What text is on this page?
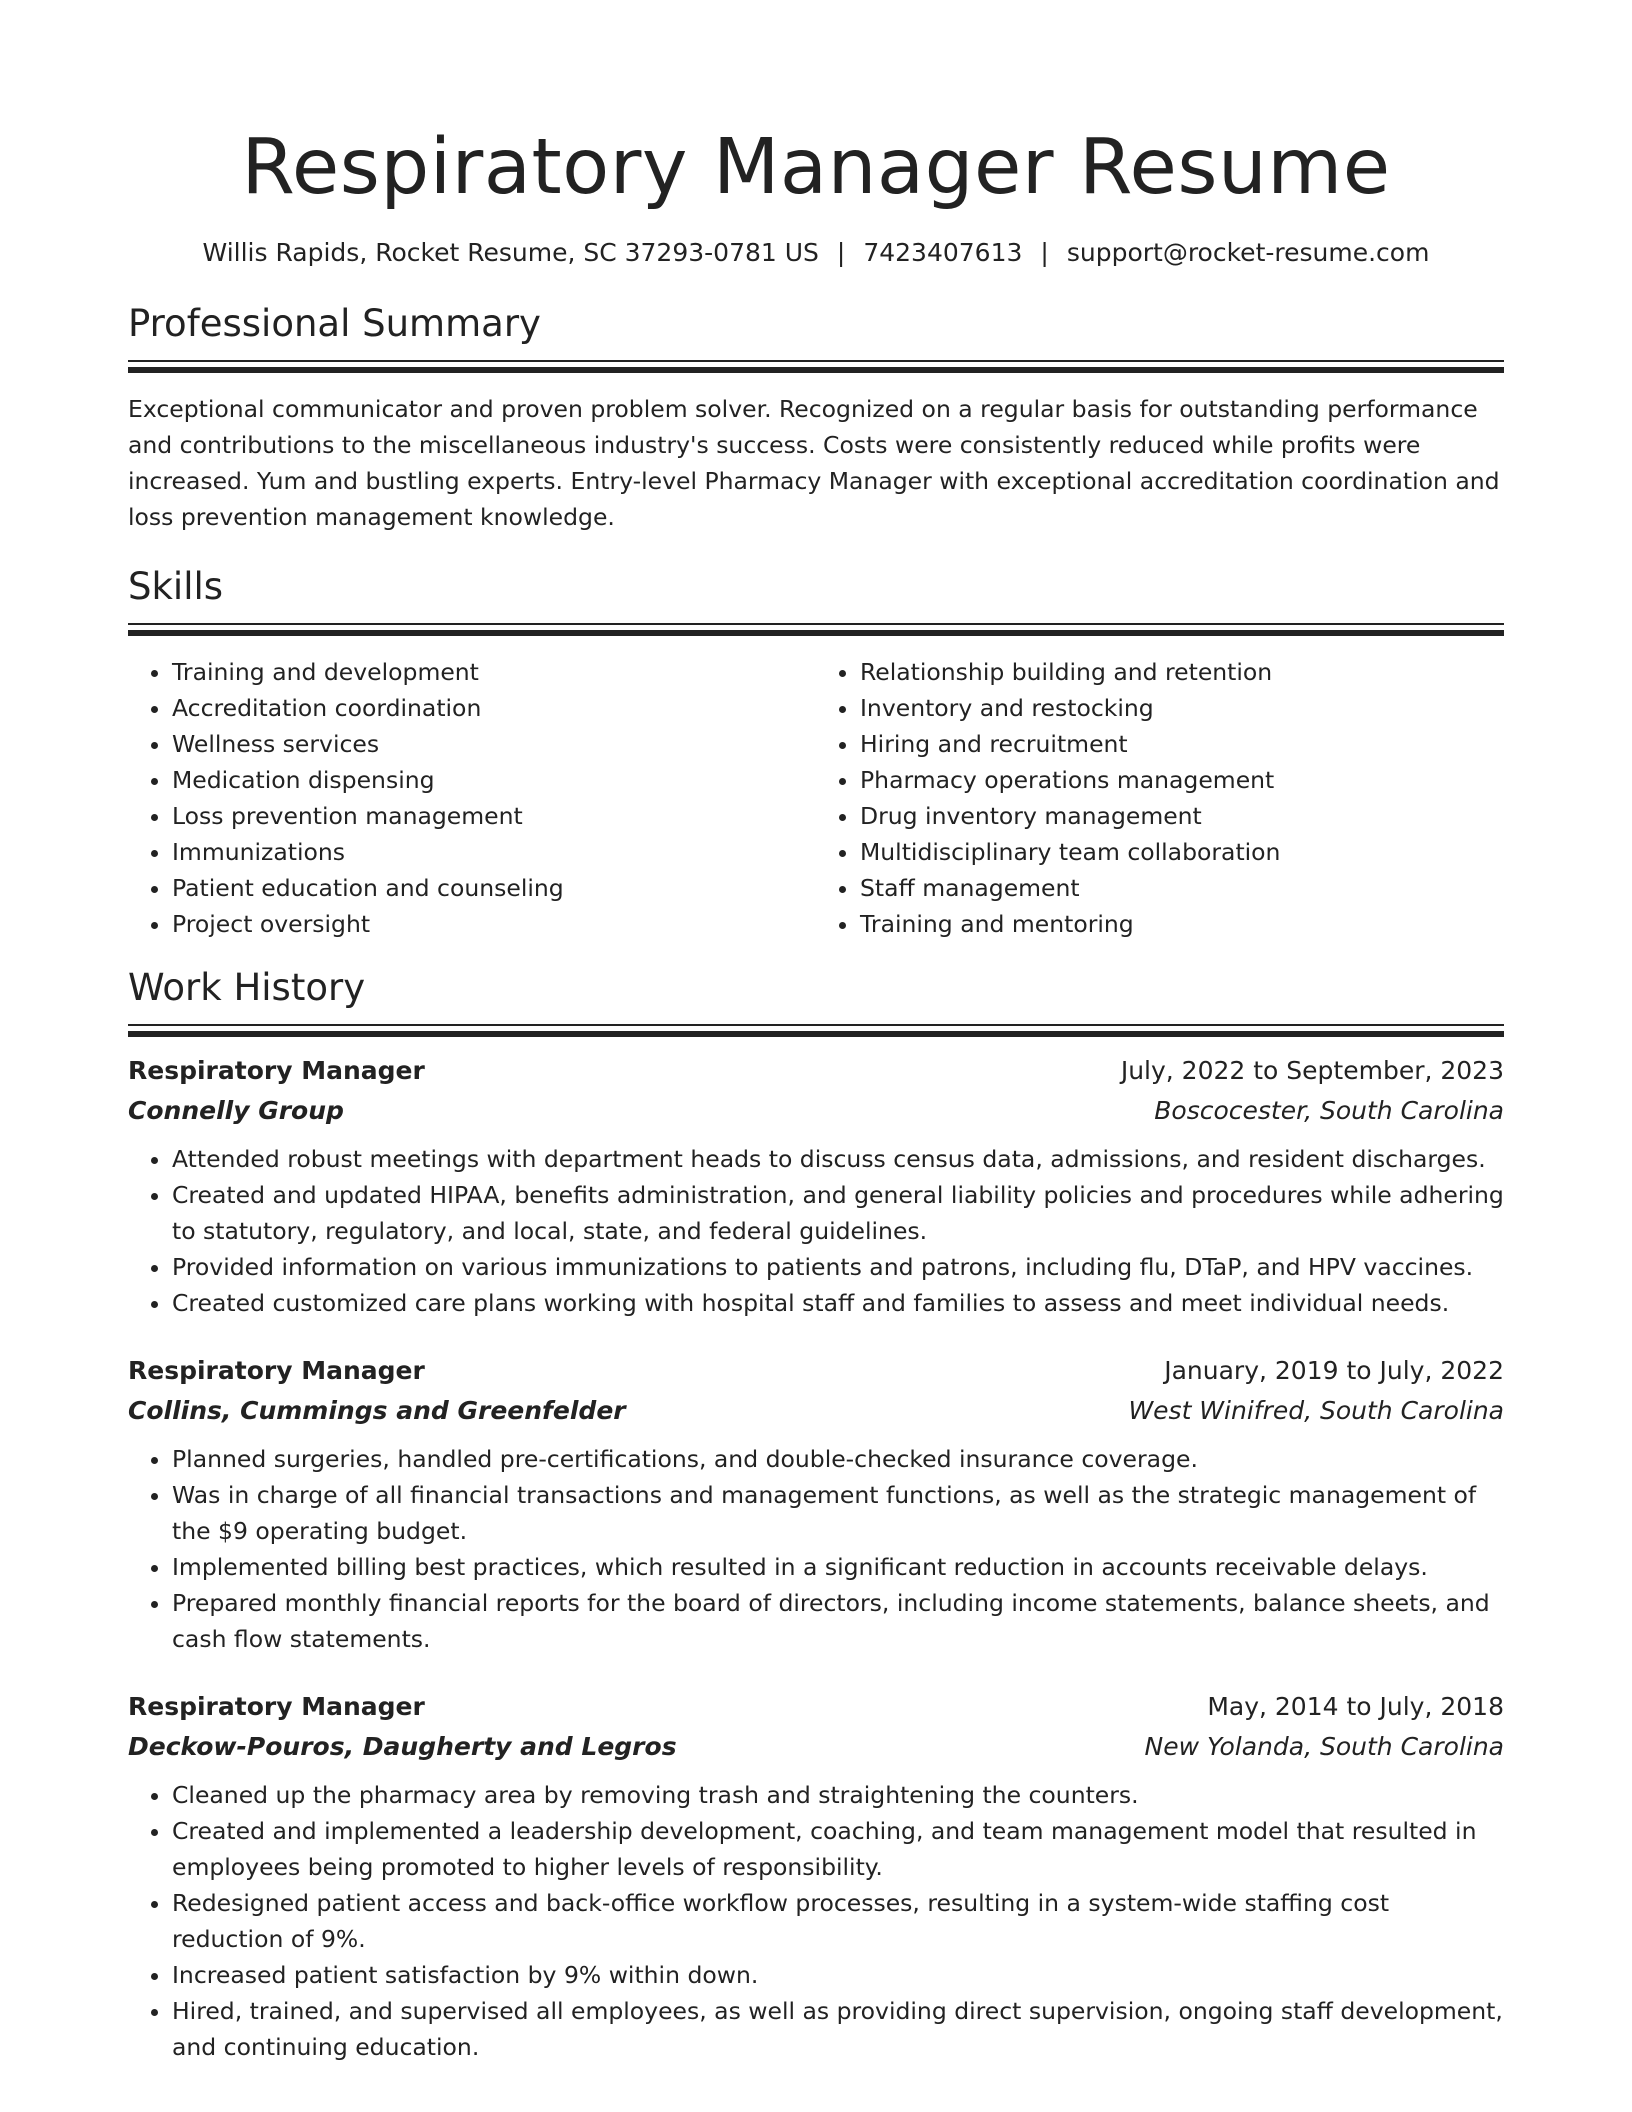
Respiratory Manager Resume
Willis Rapids, Rocket Resume, SC 37293-0781 US | 7423407613 | support@rocket-resume.com
Professional Summary

Exceptional communicator and proven problem solver. Recognized on a regular basis for outstanding performance and contributions to the miscellaneous industry's success. Costs were consistently reduced while profits were increased. Yum and bustling experts. Entry-level Pharmacy Manager with exceptional accreditation coordination and loss prevention management knowledge.

Skills
• Training and development
• Accreditation coordination
• Wellness services
• Medication dispensing
• Loss prevention management
• Immunizations
• Patient education and counseling
• Project oversight
• Relationship building and retention
• Inventory and restocking
• Hiring and recruitment
• Pharmacy operations management
• Drug inventory management
• Multidisciplinary team collaboration
• Staff management
• Training and mentoring
Work History
Respiratory Manager	July, 2022 to September, 2023
Connelly Group	Boscocester, South Carolina
• Attended robust meetings with department heads to discuss census data, admissions, and resident discharges.
• Created and updated HIPAA, benefits administration, and general liability policies and procedures while adhering to statutory, regulatory, and local, state, and federal guidelines.
• Provided information on various immunizations to patients and patrons, including flu, DTaP, and HPV vaccines.
• Created customized care plans working with hospital staff and families to assess and meet individual needs.
Respiratory Manager	January, 2019 to July, 2022
Collins, Cummings and Greenfelder	West Winifred, South Carolina
• Planned surgeries, handled pre-certifications, and double-checked insurance coverage.
• Was in charge of all financial transactions and management functions, as well as the strategic management of the $9 operating budget.
• Implemented billing best practices, which resulted in a significant reduction in accounts receivable delays.
• Prepared monthly financial reports for the board of directors, including income statements, balance sheets, and cash flow statements.
Respiratory Manager	May, 2014 to July, 2018
Deckow-Pouros, Daugherty and Legros	New Yolanda, South Carolina
• Cleaned up the pharmacy area by removing trash and straightening the counters.
• Created and implemented a leadership development, coaching, and team management model that resulted in employees being promoted to higher levels of responsibility.
• Redesigned patient access and back-office workflow processes, resulting in a system-wide staffing cost reduction of 9%.
• Increased patient satisfaction by 9% within down.
• Hired, trained, and supervised all employees, as well as providing direct supervision, ongoing staff development, and continuing education.
